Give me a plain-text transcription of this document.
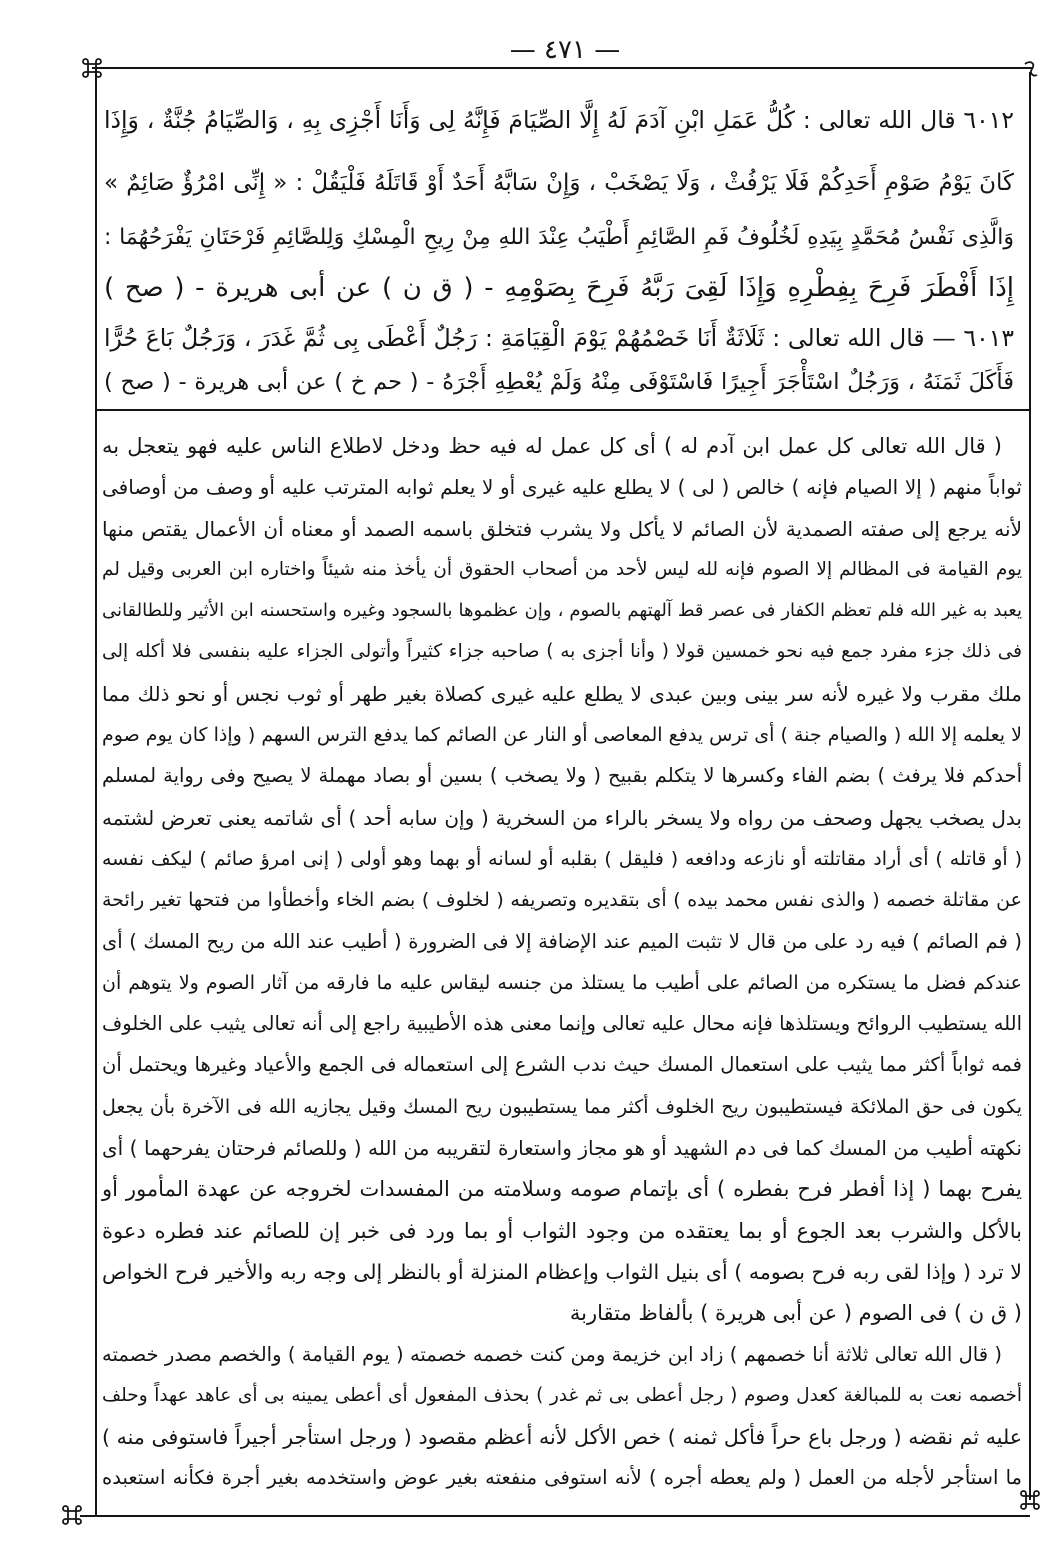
— ٤٧١ —
٦٠١٢ قال الله تعالى : كُلُّ عَمَلِ ابْنِ آدَمَ لَهُ إِلَّا الصِّيَامَ فَإِنَّهُ لِى وَأَنَا أَجْزِى بِهِ ، وَالصِّيَامُ جُنَّةٌ ، وَإِذَا
كَانَ يَوْمُ صَوْمِ أَحَدِكُمْ فَلَا يَرْفُثْ ، وَلَا يَصْخَبْ ، وَإِنْ سَابَّهُ أَحَدٌ أَوْ قَاتَلَهُ فَلْيَقُلْ : « إِنِّى امْرُؤٌ صَائِمٌ »
وَالَّذِى نَفْسُ مُحَمَّدٍ بِيَدِهِ لَخُلُوفُ فَمِ الصَّائِمِ أَطْيَبُ عِنْدَ اللهِ مِنْ رِيحِ الْمِسْكِ وَلِلصَّائِمِ فَرْحَتَانِ يَفْرَحُهُمَا :
إِذَا أَفْطَرَ فَرِحَ بِفِطْرِهِ وَإِذَا لَقِىَ رَبَّهُ فَرِحَ بِصَوْمِهِ - ( ق ن ) عن أبى هريرة - ( صح )
٦٠١٣ — قال الله تعالى : ثَلَاثَةٌ أَنَا خَصْمُهُمْ يَوْمَ الْقِيَامَةِ : رَجُلٌ أَعْطَى بِى ثُمَّ غَدَرَ ، وَرَجُلٌ بَاعَ حُرًّا
فَأَكَلَ ثَمَنَهُ ، وَرَجُلٌ اسْتَأْجَرَ أَجِيرًا فَاسْتَوْفَى مِنْهُ وَلَمْ يُعْطِهِ أَجْرَهُ - ( حم خ ) عن أبى هريرة - ( صح )
( قال الله تعالى كل عمل ابن آدم له ) أى كل عمل له فيه حظ ودخل لاطلاع الناس عليه فهو يتعجل به
ثواباً منهم ( إلا الصيام فإنه ) خالص ( لى ) لا يطلع عليه غيرى أو لا يعلم ثوابه المترتب عليه أو وصف من أوصافى
لأنه يرجع إلى صفته الصمدية لأن الصائم لا يأكل ولا يشرب فتخلق باسمه الصمد أو معناه أن الأعمال يقتص منها
يوم القيامة فى المظالم إلا الصوم فإنه لله ليس لأحد من أصحاب الحقوق أن يأخذ منه شيئاً واختاره ابن العربى وقيل لم
يعبد به غير الله فلم تعظم الكفار فى عصر قط آلهتهم بالصوم ، وإن عظموها بالسجود وغيره واستحسنه ابن الأثير وللطالقانى
فى ذلك جزء مفرد جمع فيه نحو خمسين قولا ( وأنا أجزى به ) صاحبه جزاء كثيراً وأتولى الجزاء عليه بنفسى فلا أكله إلى
ملك مقرب ولا غيره لأنه سر بينى وبين عبدى لا يطلع عليه غيرى كصلاة بغير طهر أو ثوب نجس أو نحو ذلك مما
لا يعلمه إلا الله ( والصيام جنة ) أى ترس يدفع المعاصى أو النار عن الصائم كما يدفع الترس السهم ( وإذا كان يوم صوم
أحدكم فلا يرفث ) بضم الفاء وكسرها لا يتكلم بقبيح ( ولا يصخب ) بسين أو بصاد مهملة لا يصيح وفى رواية لمسلم
بدل يصخب يجهل وصحف من رواه ولا يسخر بالراء من السخرية ( وإن سابه أحد ) أى شاتمه يعنى تعرض لشتمه
( أو قاتله ) أى أراد مقاتلته أو نازعه ودافعه ( فليقل ) بقلبه أو لسانه أو بهما وهو أولى ( إنى امرؤ صائم ) ليكف نفسه
عن مقاتلة خصمه ( والذى نفس محمد بيده ) أى بتقديره وتصريفه ( لخلوف ) بضم الخاء وأخطأوا من فتحها تغير رائحة
( فم الصائم ) فيه رد على من قال لا تثبت الميم عند الإضافة إلا فى الضرورة ( أطيب عند الله من ريح المسك ) أى
عندكم فضل ما يستكره من الصائم على أطيب ما يستلذ من جنسه ليقاس عليه ما فارقه من آثار الصوم ولا يتوهم أن
الله يستطيب الروائح ويستلذها فإنه محال عليه تعالى وإنما معنى هذه الأطيبية راجع إلى أنه تعالى يثيب على الخلوف
فمه ثواباً أكثر مما يثيب على استعمال المسك حيث ندب الشرع إلى استعماله فى الجمع والأعياد وغيرها ويحتمل أن
يكون فى حق الملائكة فيستطيبون ريح الخلوف أكثر مما يستطيبون ريح المسك وقيل يجازيه الله فى الآخرة بأن يجعل
نكهته أطيب من المسك كما فى دم الشهيد أو هو مجاز واستعارة لتقريبه من الله ( وللصائم فرحتان يفرحهما ) أى
يفرح بهما ( إذا أفطر فرح بفطره ) أى بإتمام صومه وسلامته من المفسدات لخروجه عن عهدة المأمور أو
بالأكل والشرب بعد الجوع أو بما يعتقده من وجود الثواب أو بما ورد فى خبر إن للصائم عند فطره دعوة
لا ترد ( وإذا لقى ربه فرح بصومه ) أى بنيل الثواب وإعظام المنزلة أو بالنظر إلى وجه ربه والأخير فرح الخواص
( ق ن ) فى الصوم ( عن أبى هريرة ) بألفاظ متقاربة
( قال الله تعالى ثلاثة أنا خصمهم ) زاد ابن خزيمة ومن كنت خصمه خصمته ( يوم القيامة ) والخصم مصدر خصمته
أخصمه نعت به للمبالغة كعدل وصوم ( رجل أعطى بى ثم غدر ) بحذف المفعول أى أعطى يمينه بى أى عاهد عهداً وحلف
عليه ثم نقضه ( ورجل باع حراً فأكل ثمنه ) خص الأكل لأنه أعظم مقصود ( ورجل استأجر أجيراً فاستوفى منه )
ما استأجر لأجله من العمل ( ولم يعطه أجره ) لأنه استوفى منفعته بغير عوض واستخدمه بغير أجرة فكأنه استعبده
